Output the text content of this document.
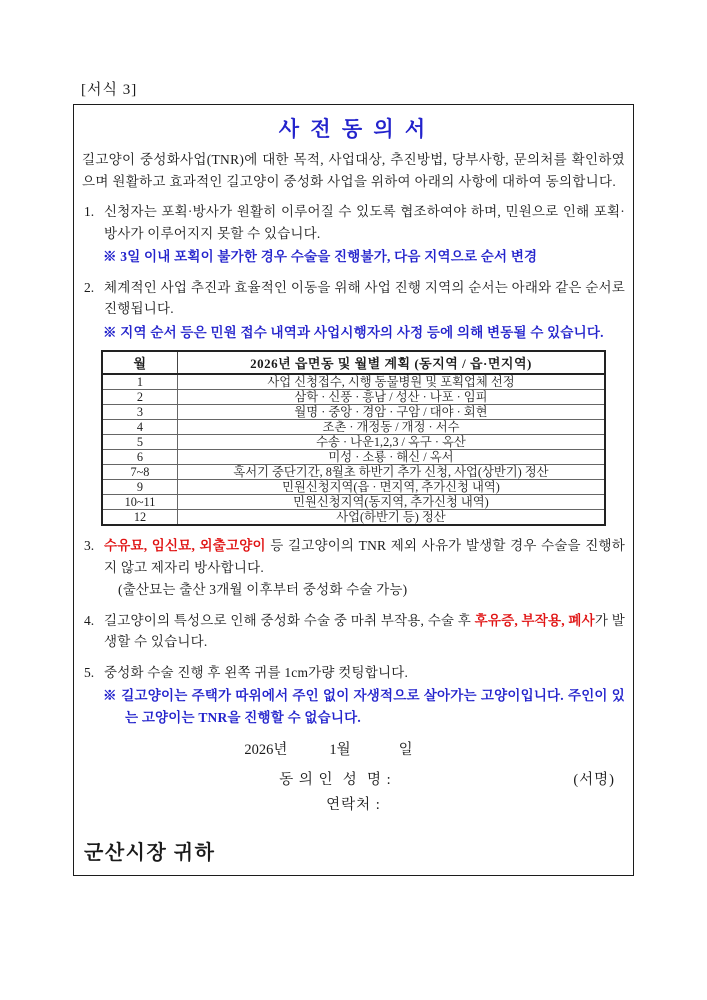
[서식 3]
사 전 동 의 서

길고양이 중성화사업(TNR)에 대한 목적, 사업대상, 추진방법, 당부사항, 문의처를 확인하였으며 원활하고 효과적인 길고양이 중성화 사업을 위하여 아래의 사항에 대하여 동의합니다.

1. 신청자는 포획·방사가 원활히 이루어질 수 있도록 협조하여야 하며, 민원으로 인해 포획·방사가 이루어지지 못할 수 있습니다.
※ 3일 이내 포획이 불가한 경우 수술을 진행불가, 다음 지역으로 순서 변경
2. 체계적인 사업 추진과 효율적인 이동을 위해 사업 진행 지역의 순서는 아래와 같은 순서로 진행됩니다.
※ 지역 순서 등은 민원 접수 내역과 사업시행자의 사정 등에 의해 변동될 수 있습니다.
월	2026년 읍면동 및 월별 계획 (동지역 / 읍·면지역)
1	사업 신청접수, 시행 동물병원 및 포획업체 선정
2	삼학 · 신풍 · 흥남 / 성산 · 나포 · 임피
3	월명 · 중앙 · 경암 · 구암 / 대야 · 회현
4	조촌 · 개정동 / 개정 · 서수
5	수송 · 나운1,2,3 / 옥구 · 옥산
6	미성 · 소룡 · 해신 / 옥서
7~8	혹서기 중단기간, 8월초 하반기 추가 신청, 사업(상반기) 정산
9	민원신청지역(읍 · 면지역, 추가신청 내역)
10~11	민원신청지역(동지역, 추가신청 내역)
12	사업(하반기 등) 정산
3. 수유묘, 임신묘, 외출고양이 등 길고양이의 TNR 제외 사유가 발생할 경우 수술을 진행하지 않고 제자리 방사합니다.
(출산묘는 출산 3개월 이후부터 중성화 수술 가능)
4. 길고양이의 특성으로 인해 중성화 수술 중 마취 부작용, 수술 후 후유증, 부작용, 폐사가 발생할 수 있습니다.
5. 중성화 수술 진행 후 왼쪽 귀를 1cm가량 컷팅합니다.
※ 길고양이는 주택가 따위에서 주인 없이 자생적으로 살아가는 고양이입니다. 주인이 있는 고양이는 TNR을 진행할 수 없습니다.
2026년	1월	일
동 의 인  성  명 :	(서명)
연락처 :
군산시장 귀하
